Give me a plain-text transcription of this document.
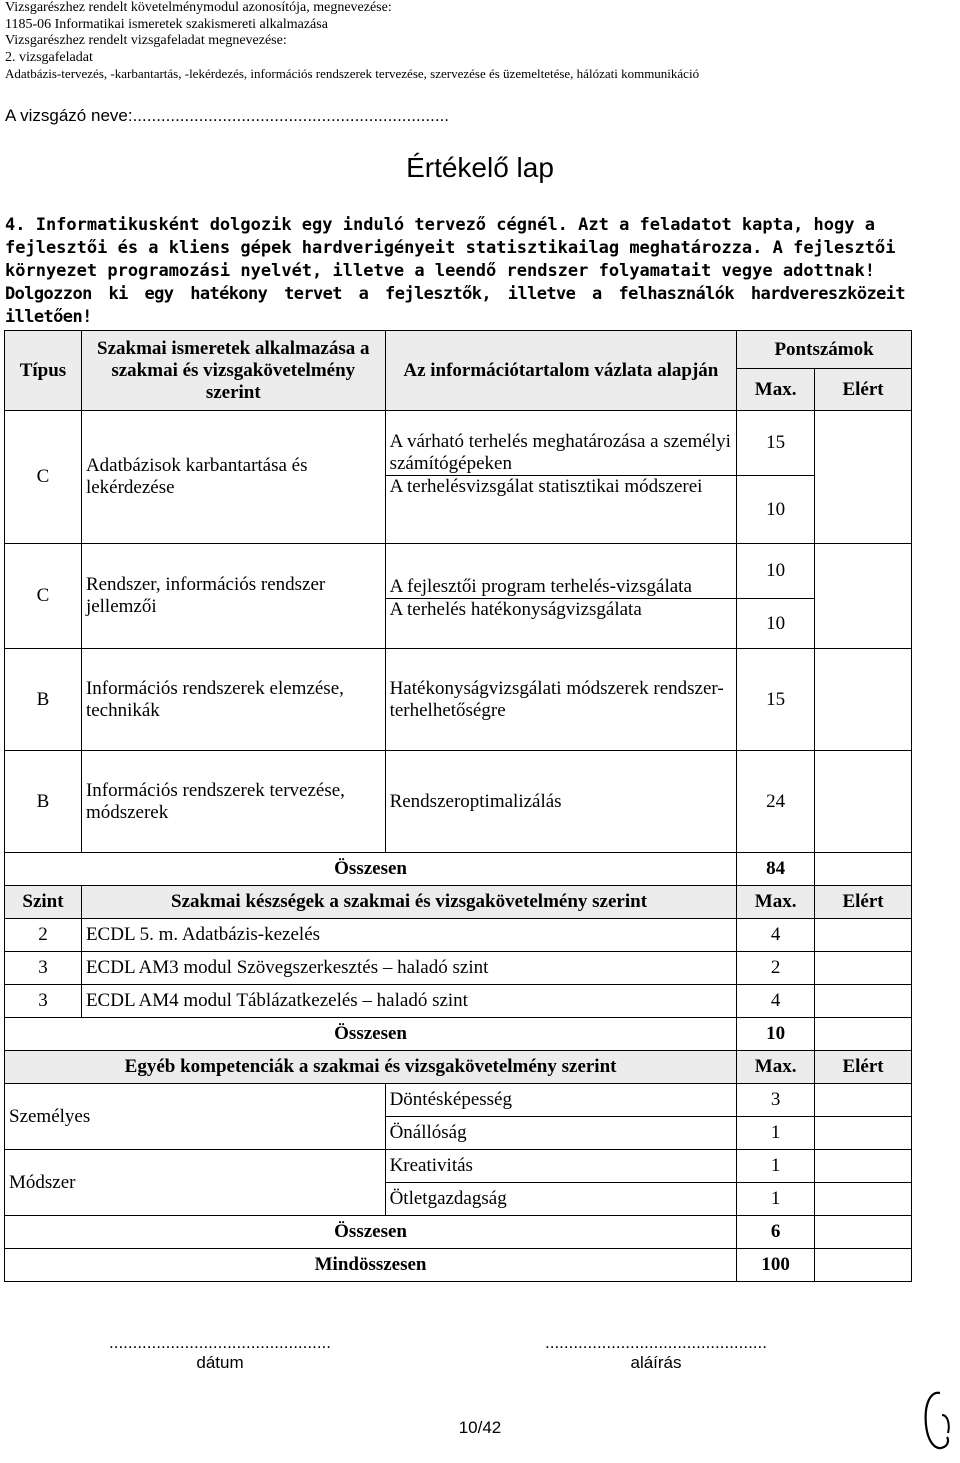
Vizsgarészhez rendelt követelménymodul azonosítója, megnevezése:
1185-06 Informatikai ismeretek szakismereti alkalmazása
Vizsgarészhez rendelt vizsgafeladat megnevezése:
2. vizsgafeladat
Adatbázis-tervezés, -karbantartás, -lekérdezés, információs rendszerek tervezése, szervezése és üzemeltetése, hálózati kommunikáció
A vizsgázó neve:...................................................................
Értékelő lap

4. Informatikusként dolgozik egy induló tervező cégnél. Azt a feladatot kapta, hogy a

fejlesztői és a kliens gépek hardverigényeit statisztikailag meghatározza. A fejlesztői

környezet programozási nyelvét, illetve a leendő rendszer folyamatait vegye adottnak!

Dolgozzon ki egy hatékony tervet a fejlesztők, illetve a felhasználók hardvereszközeit illetően!

Típus	Szakmai ismeretek alkalmazása a szakmai és vizsgakövetelmény szerint	Az információtartalom vázlata alapján	Pontszámok	
			Max.	Elért
C	Adatbázisok karbantartása és lekérdezése	A várható terhelés meghatározása a személyi számítógépeken	15	
		A terhelésvizsgálat statisztikai módszerei	10	
C	Rendszer, információs rendszer jellemzői	A fejlesztői program terhelés-vizsgálata	10	
		A terhelés hatékonyságvizsgálata	10	
B	Információs rendszerek elemzése, technikák	Hatékonyságvizsgálati módszerek rendszer- terhelhetőségre	15	
B	Információs rendszerek tervezése, módszerek	Rendszeroptimalizálás	24	
Összesen			84	
Szint	Szakmai készségek a szakmai és vizsgakövetelmény szerint		Max.	Elért
2	ECDL 5. m. Adatbázis-kezelés		4	
3	ECDL AM3 modul Szövegszerkesztés – haladó szint		2	
3	ECDL AM4 modul Táblázatkezelés – haladó szint		4	
Összesen			10	
Egyéb kompetenciák a szakmai és vizsgakövetelmény szerint			Max.	Elért
Személyes		Döntésképesség	3	
		Önállóság	1	
Módszer		Kreativitás	1	
		Ötletgazdagság	1	
Összesen			6	
Mindösszesen			100	
...............................................
dátum
...............................................
aláírás
10/42
